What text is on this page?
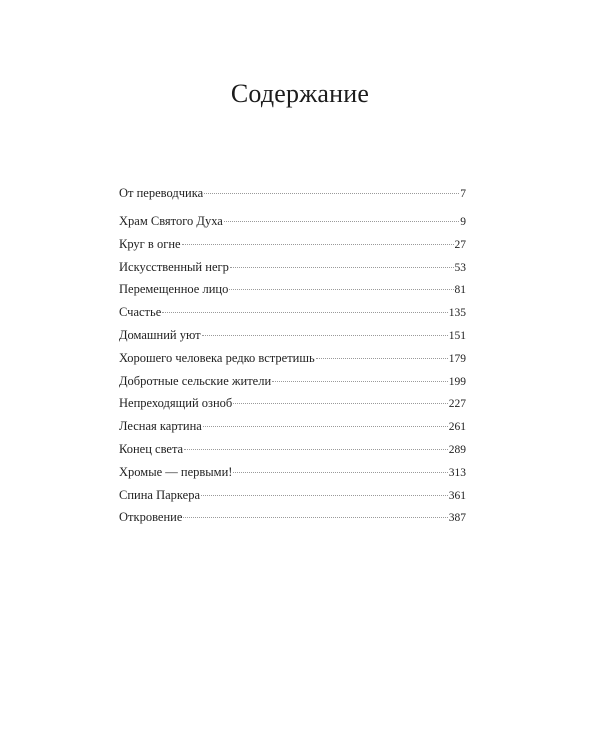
Содержание
От переводчика	7
Храм Святого Духа	9
Круг в огне	27
Искусственный негр	53
Перемещенное лицо	81
Счастье	135
Домашний уют	151
Хорошего человека редко встретишь	179
Добротные сельские жители	199
Непреходящий озноб	227
Лесная картина	261
Конец света	289
Хромые — первыми!	313
Спина Паркера	361
Откровение	387
